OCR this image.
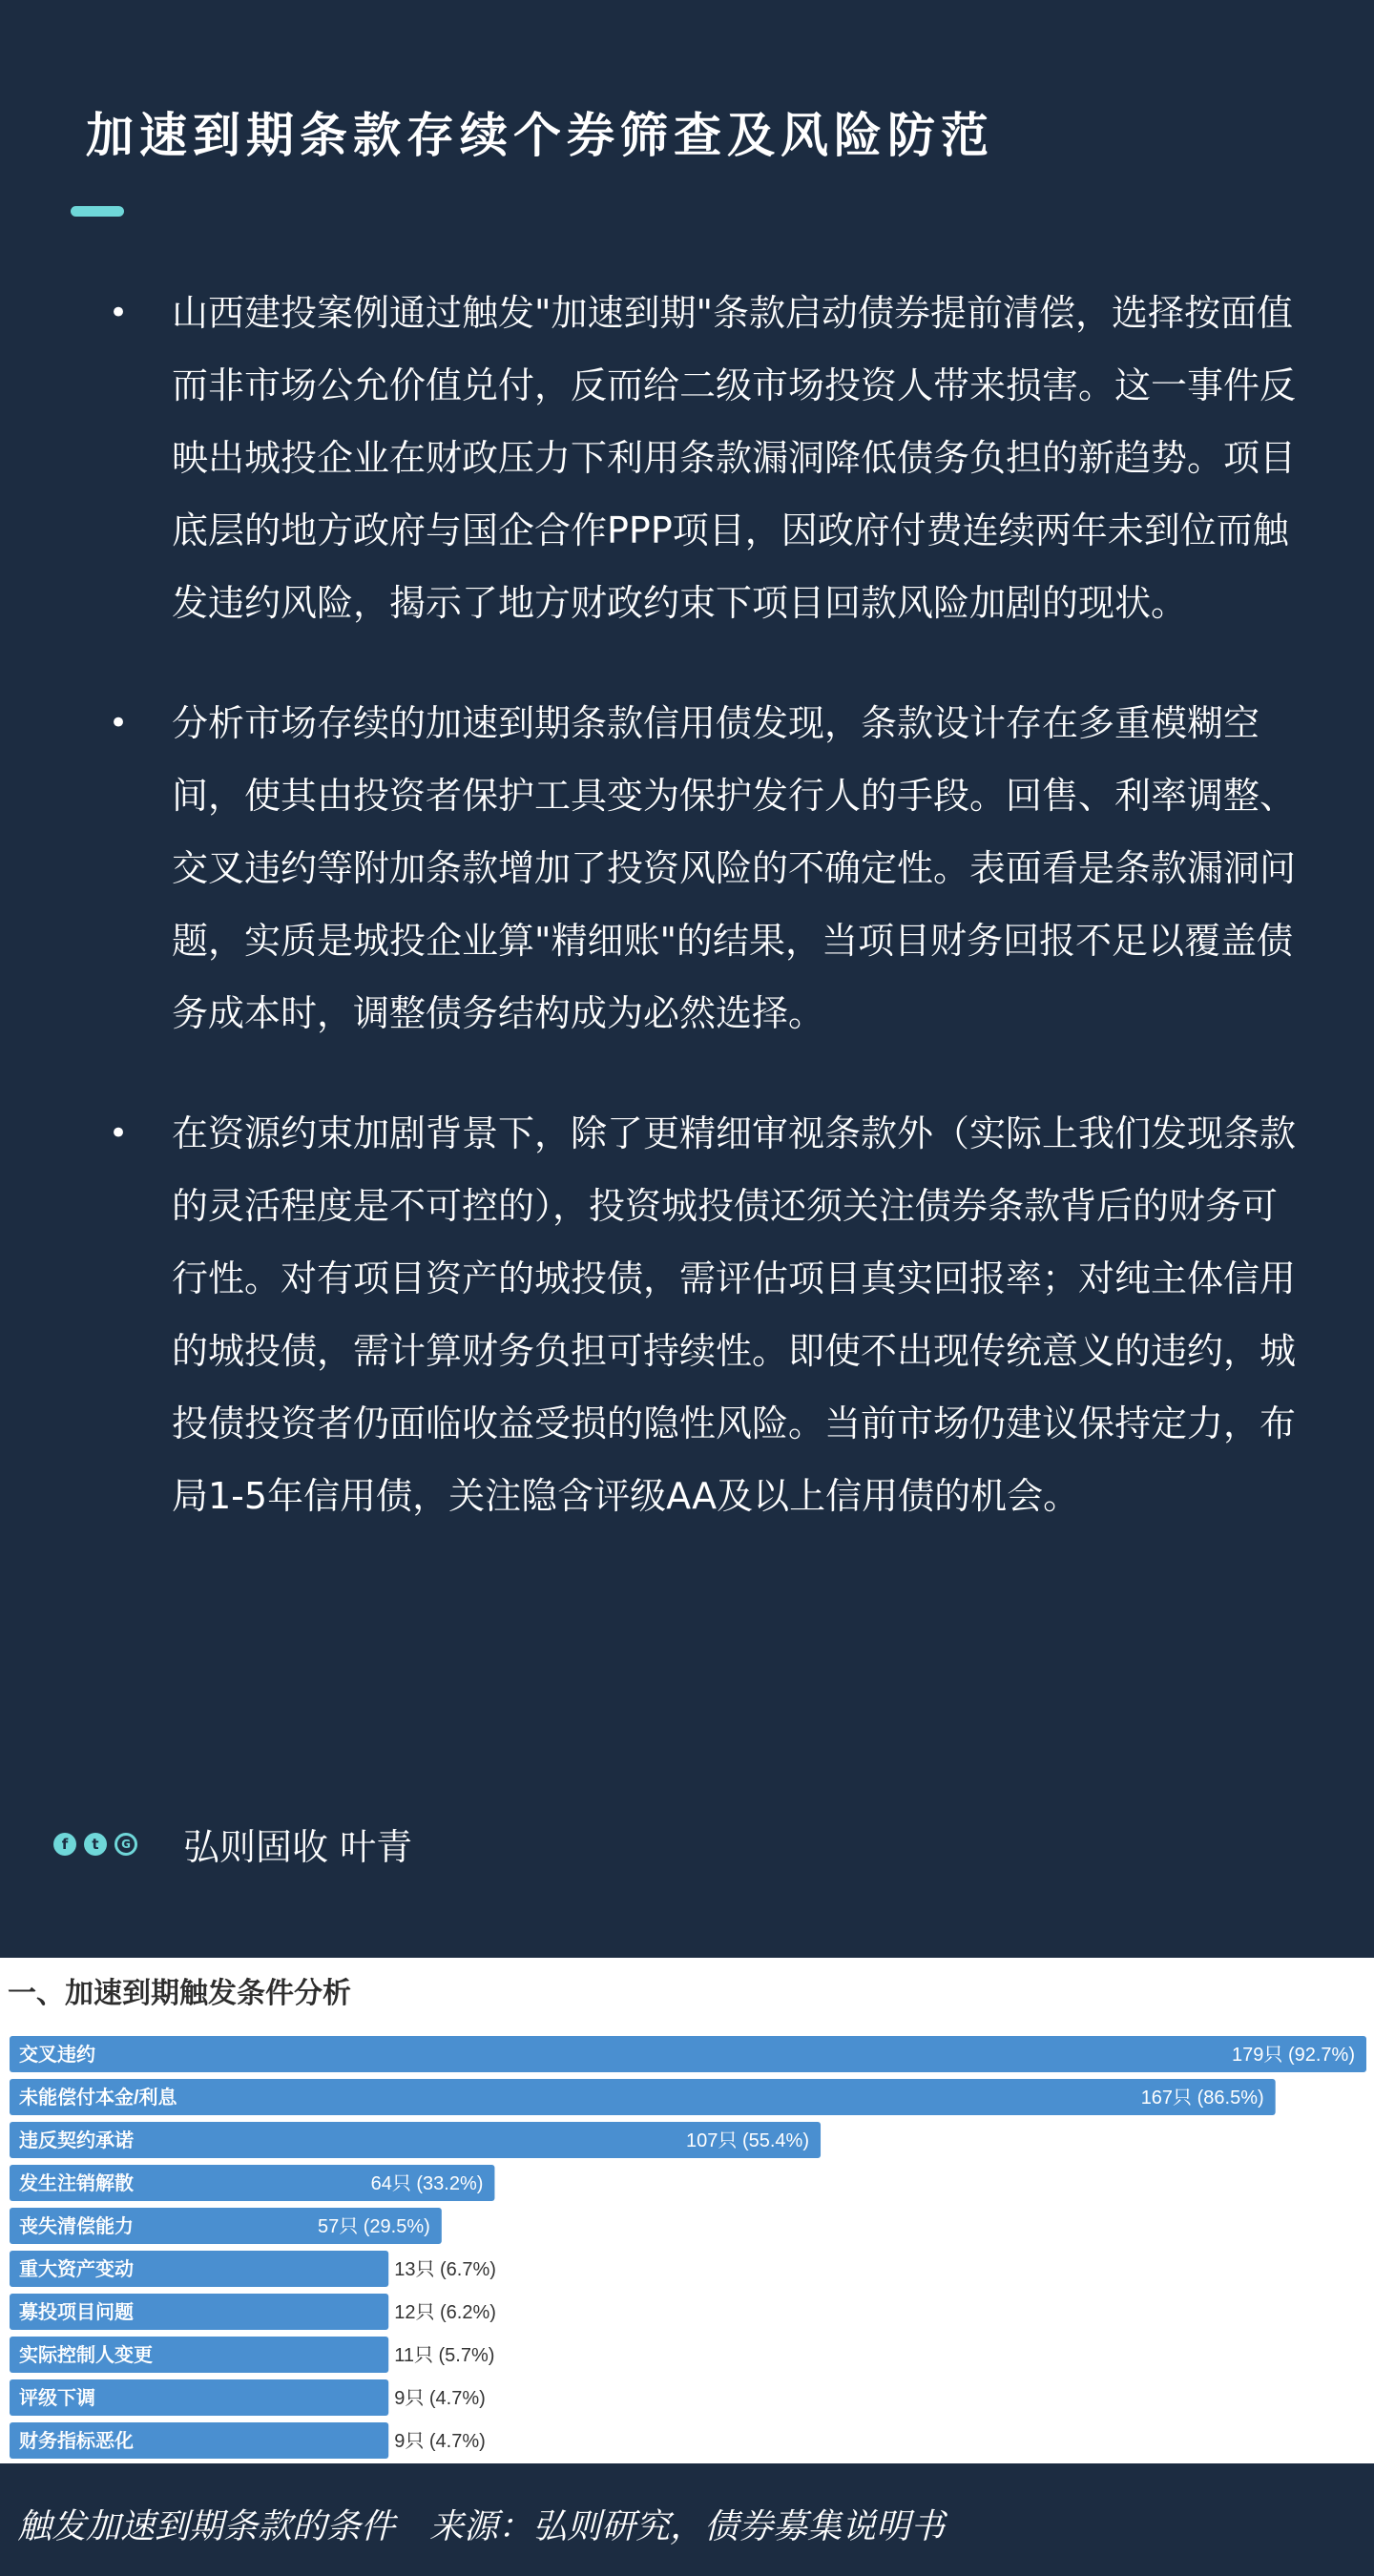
加速到期条款存续个券筛查及风险防范
• 山西建投案例通过触发"加速到期"条款启动债券提前清偿，选择按面值而非市场公允价值兑付，反而给二级市场投资人带来损害。这一事件反映出城投企业在财政压力下利用条款漏洞降低债务负担的新趋势。项目底层的地方政府与国企合作PPP项目，因政府付费连续两年未到位而触发违约风险，揭示了地方财政约束下项目回款风险加剧的现状。
• 分析市场存续的加速到期条款信用债发现，条款设计存在多重模糊空间，使其由投资者保护工具变为保护发行人的手段。回售、利率调整、交叉违约等附加条款增加了投资风险的不确定性。表面看是条款漏洞问题，实质是城投企业算"精细账"的结果，当项目财务回报不足以覆盖债务成本时，调整债务结构成为必然选择。
• 在资源约束加剧背景下，除了更精细审视条款外（实际上我们发现条款的灵活程度是不可控的），投资城投债还须关注债券条款背后的财务可行性。对有项目资产的城投债，需评估项目真实回报率；对纯主体信用的城投债，需计算财务负担可持续性。即使不出现传统意义的违约，城投债投资者仍面临收益受损的隐性风险。当前市场仍建议保持定力，布局1-5年信用债，关注隐含评级AA及以上信用债的机会。
f	t	G 弘则固收 叶青
一、加速到期触发条件分析
交叉违约	179只 (92.7%)
未能偿付本金/利息	167只 (86.5%)
违反契约承诺	107只 (55.4%)
发生注销解散	64只 (33.2%)
丧失清偿能力	57只 (29.5%)
重大资产变动	13只 (6.7%)
募投项目问题	12只 (6.2%)
实际控制人变更	11只 (5.7%)
评级下调	9只 (4.7%)
财务指标恶化	9只 (4.7%)
触发加速到期条款的条件 来源：弘则研究，债券募集说明书
